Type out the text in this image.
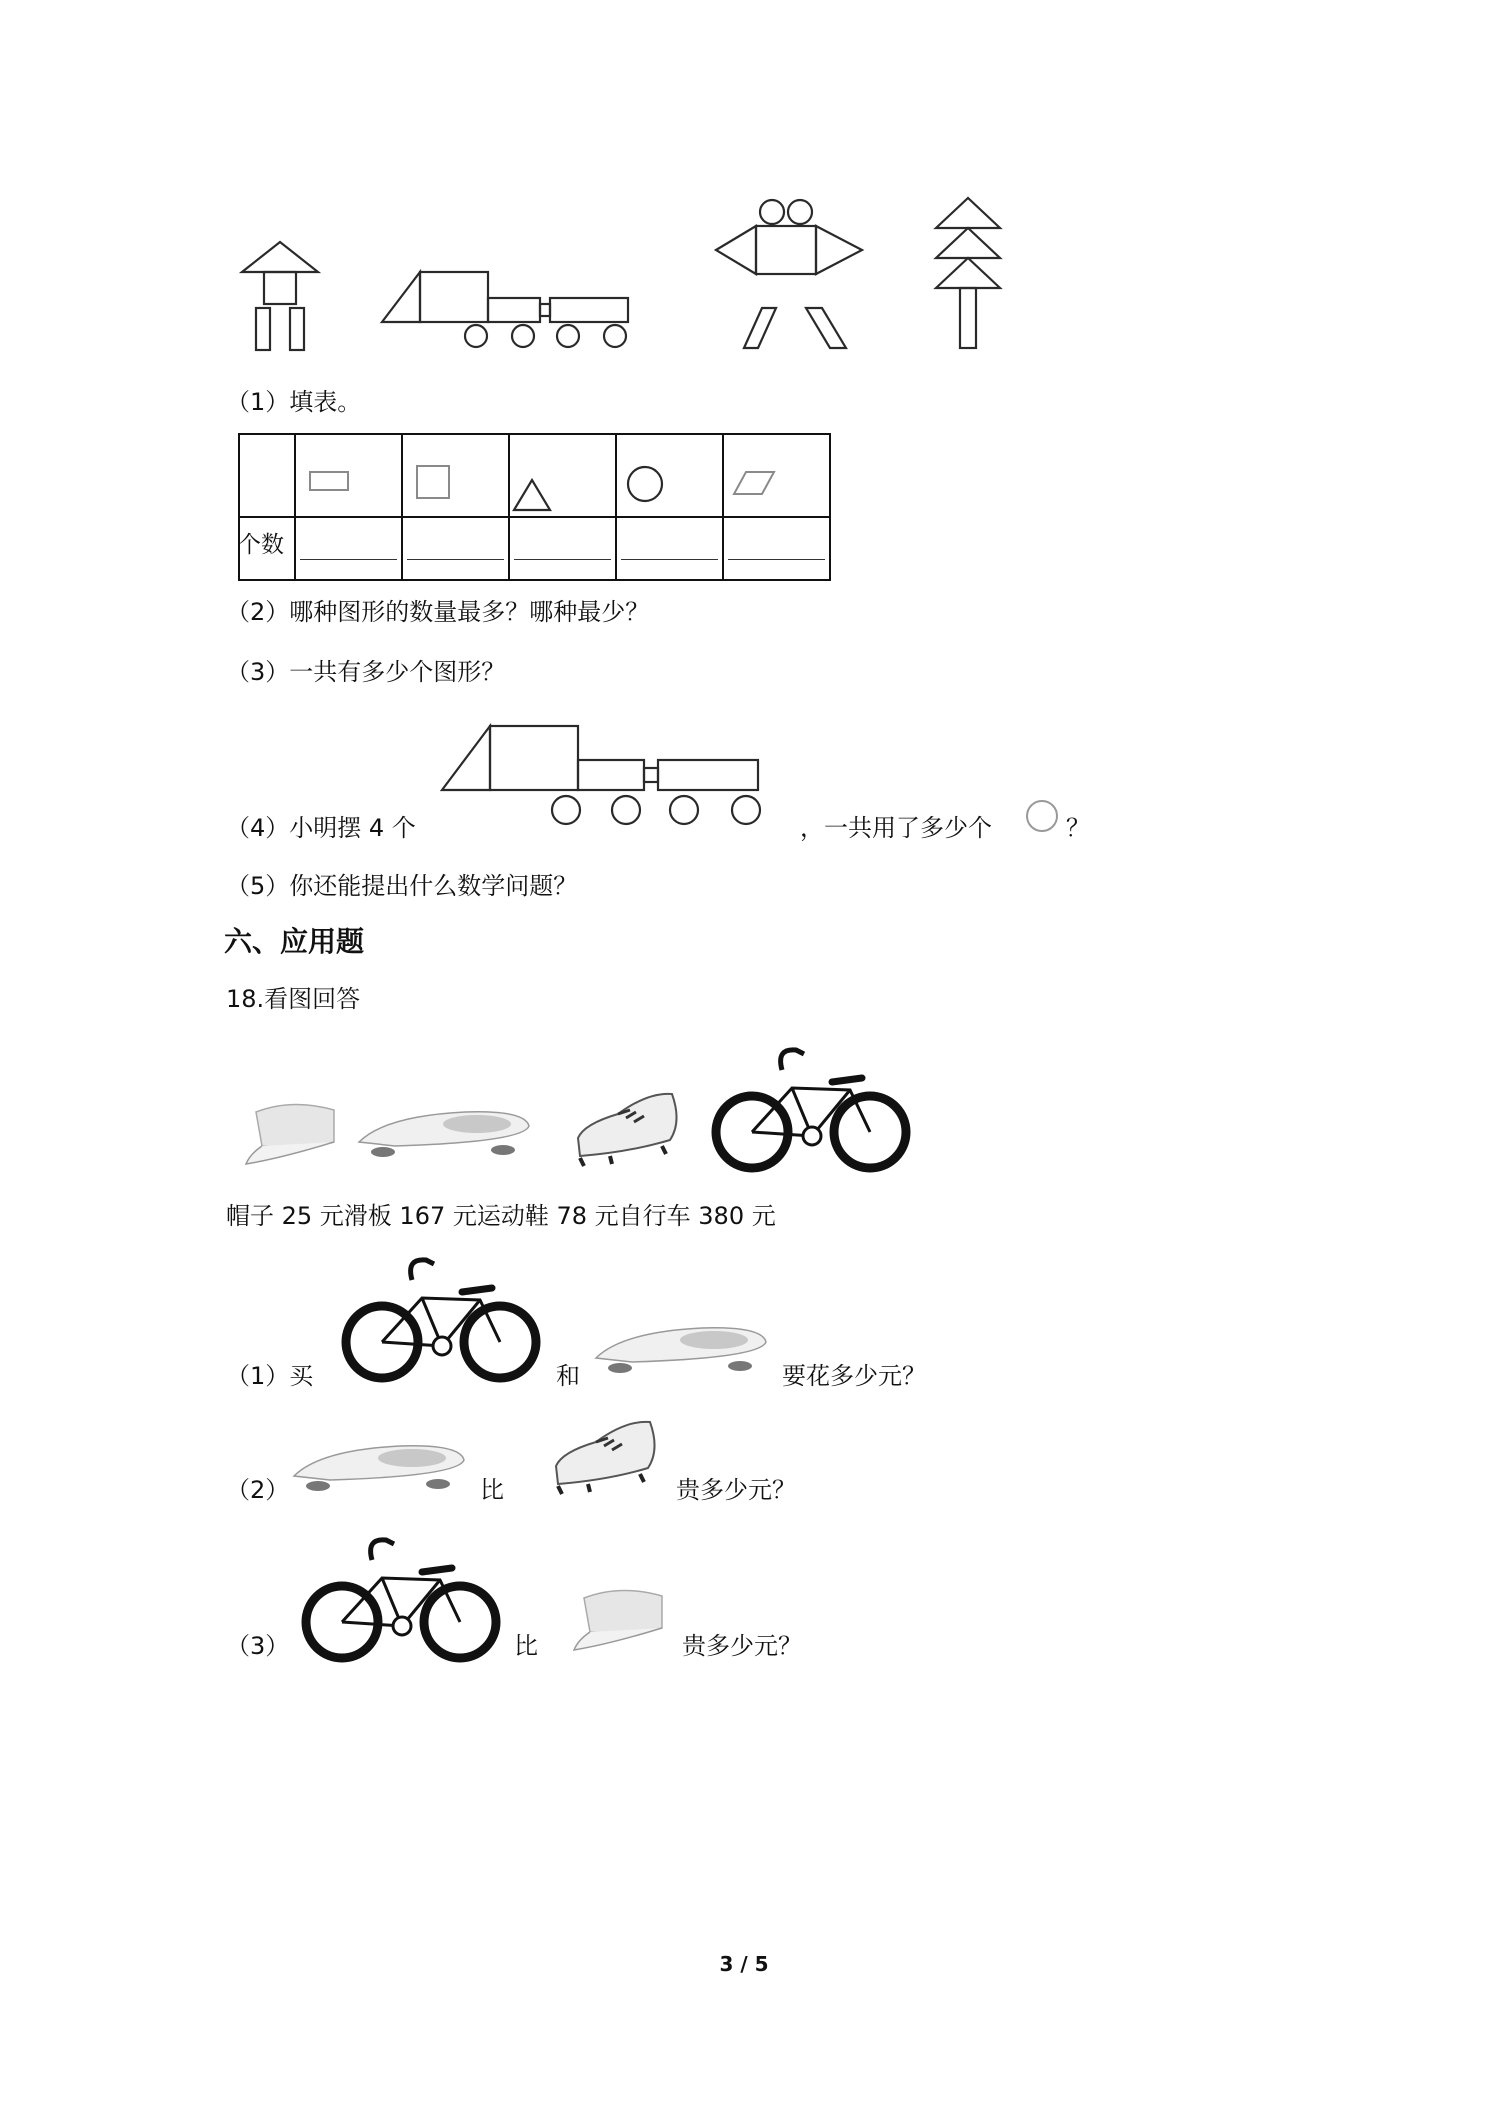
（1）填表。

个数	

（2）哪种图形的数量最多？哪种最少？
（3）一共有多少个图形？
（4）小明摆 4 个	，一共用了多少个	？
（5）你还能提出什么数学问题？
六、应用题
18.看图回答
帽子 25 元滑板 167 元运动鞋 78 元自行车 380 元
（1）买	和	要花多少元？
（2）	比	贵多少元？
（3）	比	贵多少元？
3 / 5
